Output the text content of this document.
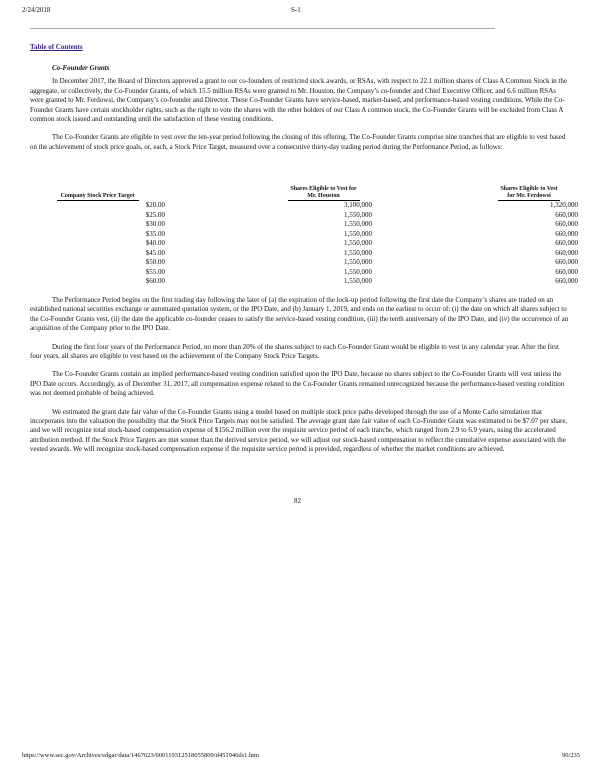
2/24/2018	S-1
Table of Contents
Co-Founder Grants

In December 2017, the Board of Directors approved a grant to our co-founders of restricted stock awards, or RSAs, with respect to 22.1 million shares of Class A Common Stock in the aggregate, or collectively, the Co-Founder Grants, of which 15.5 million RSAs were granted to Mr. Houston, the Company’s co-founder and Chief Executive Officer, and 6.6 million RSAs were granted to Mr. Ferdowsi, the Company’s co-founder and Director. These Co-Founder Grants have service-based, market-based, and performance-based vesting conditions. While the Co-Founder Grants have certain stockholder rights, such as the right to vote the shares with the other holders of our Class A common stock, the Co-Founder Grants will be excluded from Class A common stock issued and outstanding until the satisfaction of these vesting conditions.

The Co-Founder Grants are eligible to vest over the ten-year period following the closing of this offering. The Co-Founder Grants comprise nine tranches that are eligible to vest based on the achievement of stock price goals, or, each, a Stock Price Target, measured over a consecutive thirty-day trading period during the Performance Period, as follows:

Company Stock Price Target		Shares Eligible to Vest for Mr. Houston		Shares Eligible to Vest for Mr. Ferdowsi
$20.00		3,100,000		1,320,000
$25.00		1,550,000		660,000
$30.00		1,550,000		660,000
$35.00		1,550,000		660,000
$40.00		1,550,000		660,000
$45.00		1,550,000		660,000
$50.00		1,550,000		660,000
$55.00		1,550,000		660,000
$60.00		1,550,000		660,000

The Performance Period begins on the first trading day following the later of (a) the expiration of the lock-up period following the first date the Company’s shares are traded on an established national securities exchange or automated quotation system, or the IPO Date, and (b) January 1, 2019, and ends on the earliest to occur of: (i) the date on which all shares subject to the Co-Founder Grants vest, (ii) the date the applicable co-founder ceases to satisfy the service-based vesting condition, (iii) the tenth anniversary of the IPO Date, and (iv) the occurrence of an acquisition of the Company prior to the IPO Date.

During the first four years of the Performance Period, no more than 20% of the shares subject to each Co-Founder Grant would be eligible to vest in any calendar year. After the first four years, all shares are eligible to vest based on the achievement of the Company Stock Price Targets.

The Co-Founder Grants contain an implied performance-based vesting condition satisfied upon the IPO Date, because no shares subject to the Co-Founder Grants will vest unless the IPO Date occurs. Accordingly, as of December 31, 2017, all compensation expense related to the Co-Founder Grants remained unrecognized because the performance-based vesting condition was not deemed probable of being achieved.

We estimated the grant date fair value of the Co-Founder Grants using a model based on multiple stock price paths developed through the use of a Monte Carlo simulation that incorporates into the valuation the possibility that the Stock Price Targets may not be satisfied. The average grant date fair value of each Co-Founder Grant was estimated to be $7.07 per share, and we will recognize total stock-based compensation expense of $156.2 million over the requisite service period of each tranche, which ranged from 2.9 to 6.9 years, using the accelerated attribution method. If the Stock Price Targets are met sooner than the derived service period, we will adjust our stock-based compensation to reflect the cumulative expense associated with the vested awards. We will recognize stock-based compensation expense if the requisite service period is provided, regardless of whether the market conditions are achieved.

82
https://www.sec.gov/Archives/edgar/data/1467623/000119312518055809/d451946ds1.htm	90/235
